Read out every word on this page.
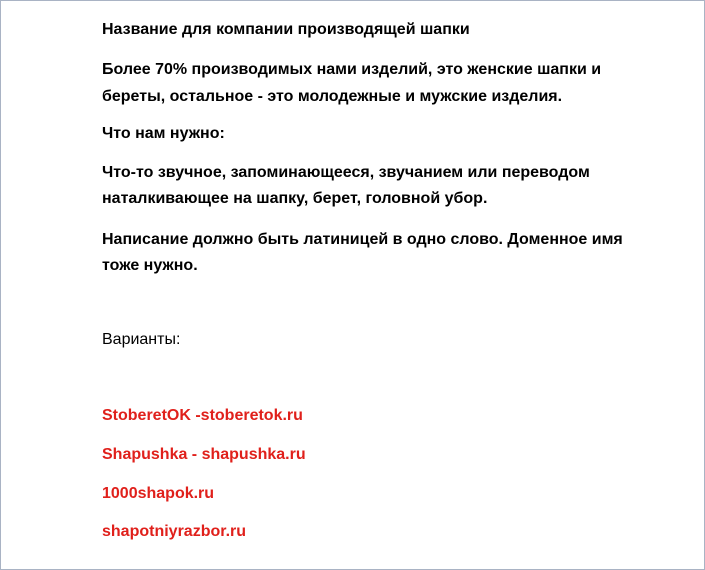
Название для компании производящей шапки
Более 70% производимых нами изделий, это женские шапки и
береты, остальное - это молодежные и мужские изделия.
Что нам нужно:
Что-то звучное, запоминающееся, звучанием или переводом
наталкивающее на шапку, берет, головной убор.
Написание должно быть латиницей в одно слово. Доменное имя
тоже нужно.
Варианты:
StoberetOK -stoberetok.ru
Shapushka - shapushka.ru
1000shapok.ru
shapotniyrazbor.ru
